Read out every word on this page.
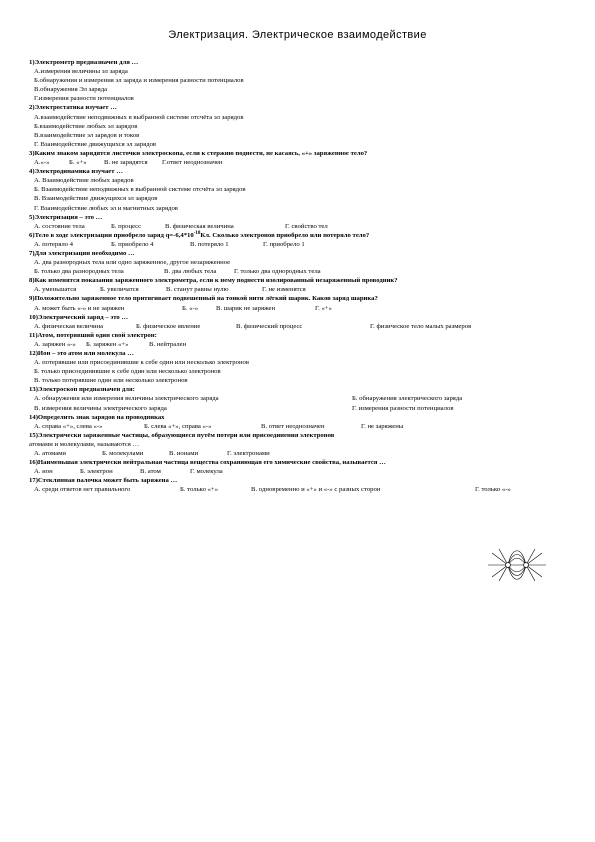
Электризация. Электрическое взаимодействие
1)Электрометр предназначен для …
А.измерения величины эл заряда
Б.обнаружения и измерения эл заряда и измерения разности потенциалов
В.обнаружения Эл заряда
Г.измерения разности потенциалов
2)Электростатика изучает …
А.взаимодействие неподвижных в выбранной системе отсчёта эл зарядов
Б.взаимодействие любых эл зарядов
В.взаимодействие эл зарядов и токов
Г. Взаимодействие движущихся эл зарядов
3)Каким знаком зарядятся листочки электроскопа, если к стержню поднести, не касаясь, «+» заряженное тело?
А.«-»	Б. «+»	В. не зарядятся	Г.ответ неоднозначен
4)Электродинамика изучает …
А. Взаимодействие любых зарядов
Б. Взаимодействие неподвижных в выбранной системе отсчёта эл зарядов
В. Взаимодействие движущихся эл зарядов
Г. Взаимодействие любых эл и магнитных зарядов
5)Электризация – это …
А. состояние тела	Б. процесс	В. физическая величина	Г. свойство тел
6)Тело в ходе электризации приобрело заряд $q=-6,4*10^{-18}Кл$. Сколько электронов приобрело или потеряло тело?
А. потеряло 4	Б. приобрело 4	В. потеряло 1	Г. приобрело 1
7)Для электризации необходимо …
А. два разнородных тела или одно заряженное, другое незаряженное
Б. только два разнородных тела	В. два любых тела	Г. только два однородных тела
8)Как изменятся показания заряженного электрометра, если к нему поднести изолированный незаряженный проводник?
А. уменьшатся	Б. увеличатся	В. станут равны нулю	Г. не изменятся
9)Положительно заряженное тело притягивает подвешенный на тонкой нити лёгкий шарик. Каков заряд шарика?
А. может быть «-» и не заряжен	Б. «-»	В. шарик не заряжен	Г. «+»
10)Электрический заряд – это …
А. физическая величина	Б. физическое явление	В. физический процесс	Г. физическое тело малых размеров
11)Атом, потерявший один свой электрон:
А. заряжен «-»	Б. заряжен «+»	В. нейтрален
12)Ион – это атом или молекула …
А. потерявшие или присоединившие к себе один или несколько электронов
Б. только присоединившие к себе один или несколько электронов
В. только потерявшие один или несколько электронов
13)Электроскоп предназначен для:
А. обнаружения или измерения величины электрического заряда	Б. обнаружения электрического заряда
В. измерения величины электрического заряда	Г. измерения разности потенциалов
14)Определить знак зарядов на проводниках
А. справа «+», слева «-»	Б. слева «+», справа «-»	В. ответ неоднозначен	Г. не заряжены
15)Электрически заряженные частицы, образующиеся путём потери или присоединения электронов
атомами и молекулами, называются …
А. атомами	Б. молекулами	В. ионами	Г. электронами
16)Наименьшая электрически нейтральная частица вещества сохраняющая его химические свойства, называется …
А. ион	Б. электрон	В. атом	Г. молекула
17)Стеклянная палочка может быть заряжена …
А. среди ответов нет правильного	Б. только «+»	В. одновременно и «+» и «-» с разных сторон	Г. только «-»
